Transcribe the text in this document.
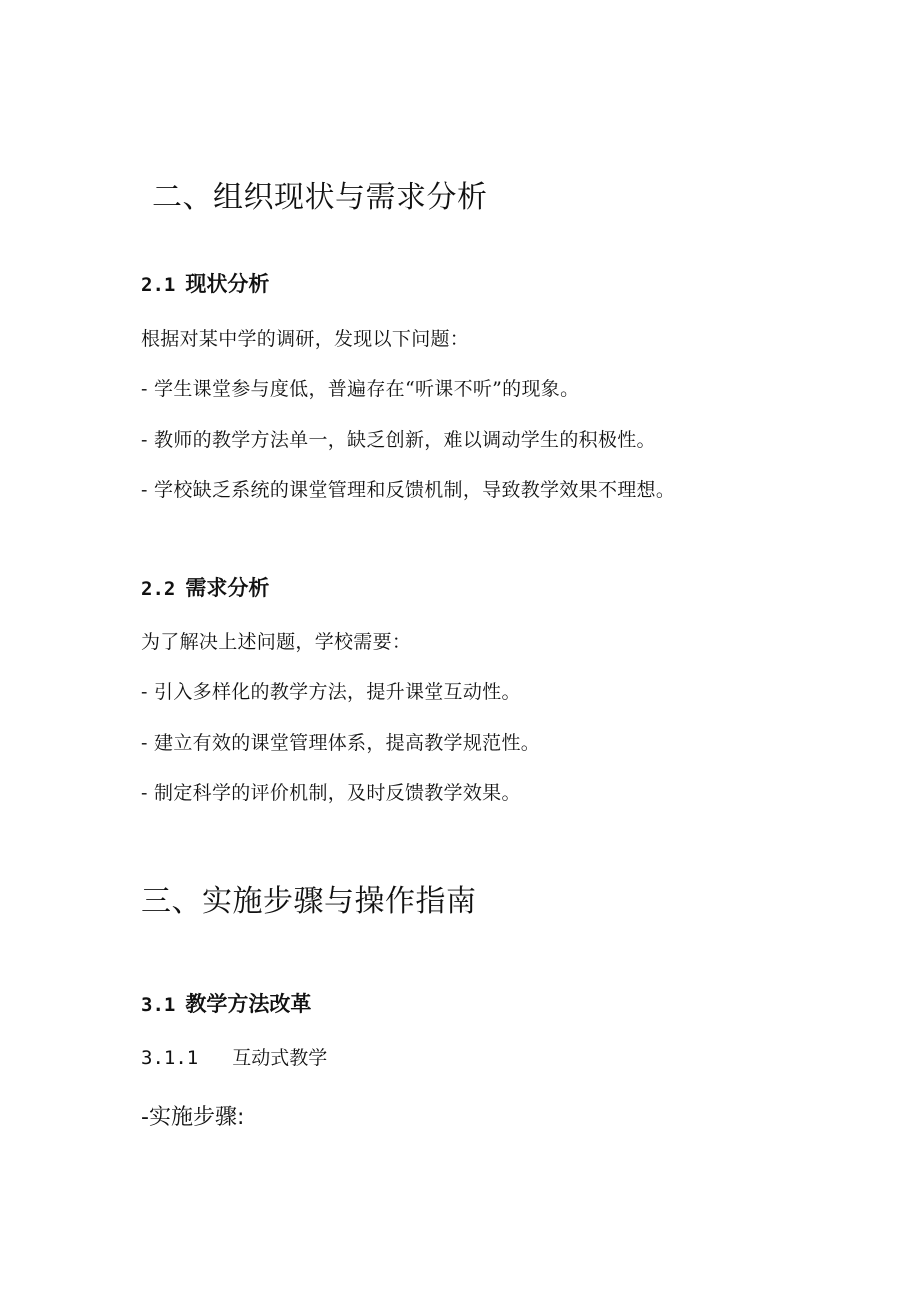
二、组织现状与需求分析
2.1 现状分析

根据对某中学的调研，发现以下问题：

- 学生课堂参与度低，普遍存在“听课不听”的现象。

- 教师的教学方法单一，缺乏创新，难以调动学生的积极性。

- 学校缺乏系统的课堂管理和反馈机制，导致教学效果不理想。

2.2 需求分析

为了解决上述问题，学校需要：

- 引入多样化的教学方法，提升课堂互动性。

- 建立有效的课堂管理体系，提高教学规范性。

- 制定科学的评价机制，及时反馈教学效果。

三、实施步骤与操作指南
3.1 教学方法改革
3.1.1 互动式教学

-实施步骤:
